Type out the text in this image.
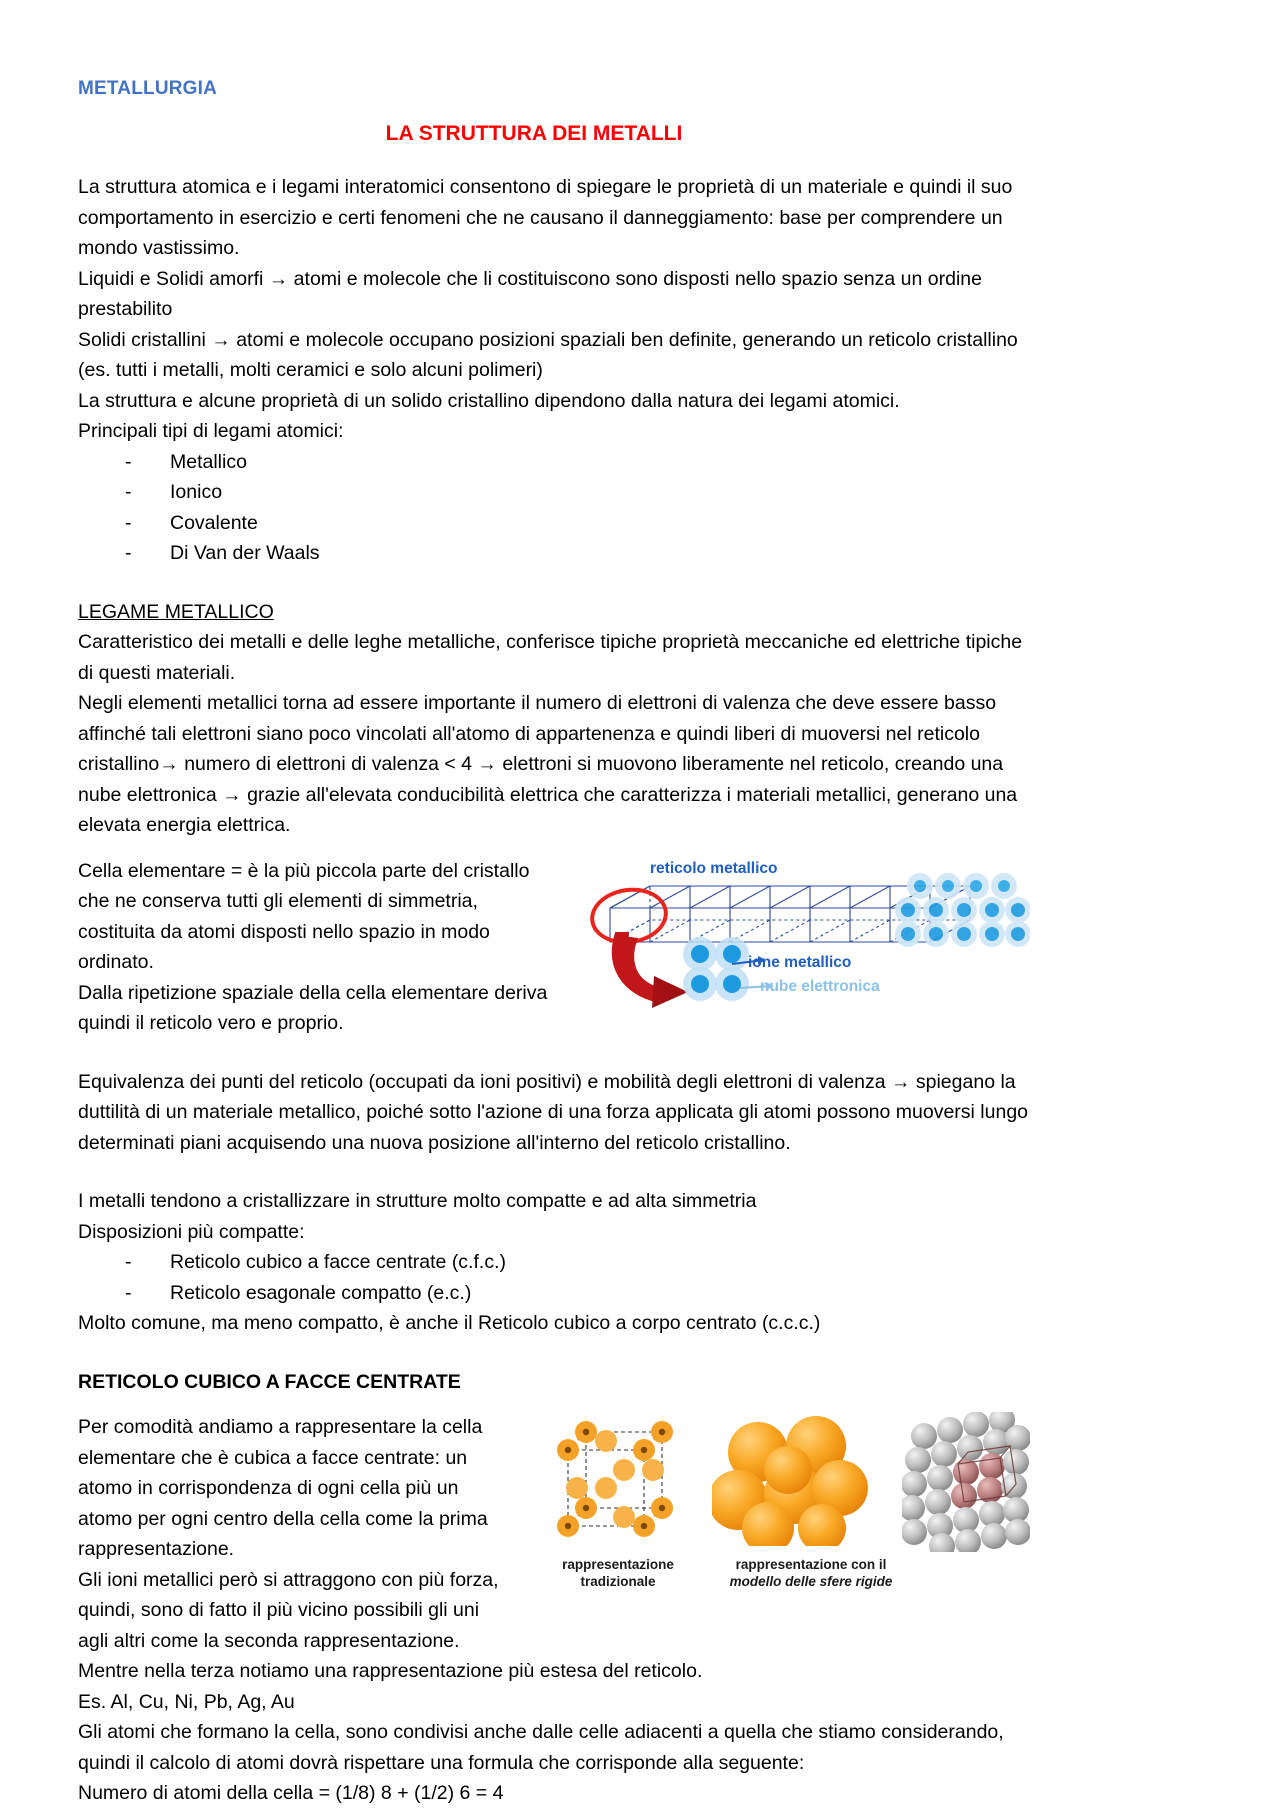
METALLURGIA
LA STRUTTURA DEI METALLI

La struttura atomica e i legami interatomici consentono di spiegare le proprietà di un materiale e quindi il suo comportamento in esercizio e certi fenomeni che ne causano il danneggiamento: base per comprendere un mondo vastissimo.

Liquidi e Solidi amorfi → atomi e molecole che li costituiscono sono disposti nello spazio senza un ordine prestabilito

Solidi cristallini → atomi e molecole occupano posizioni spaziali ben definite, generando un reticolo cristallino (es. tutti i metalli, molti ceramici e solo alcuni polimeri)

La struttura e alcune proprietà di un solido cristallino dipendono dalla natura dei legami atomici.

Principali tipi di legami atomici:

- Metallico
- Ionico
- Covalente
- Di Van der Waals
LEGAME METALLICO

Caratteristico dei metalli e delle leghe metalliche, conferisce tipiche proprietà meccaniche ed elettriche tipiche di questi materiali.

Negli elementi metallici torna ad essere importante il numero di elettroni di valenza che deve essere basso affinché tali elettroni siano poco vincolati all'atomo di appartenenza e quindi liberi di muoversi nel reticolo cristallino→ numero di elettroni di valenza < 4 → elettroni si muovono liberamente nel reticolo, creando una nube elettronica → grazie all'elevata conducibilità elettrica che caratterizza i materiali metallici, generano una elevata energia elettrica.

reticolo metallico
ione metallico
nube elettronica

Cella elementare = è la più piccola parte del cristallo che ne conserva tutti gli elementi di simmetria, costituita da atomi disposti nello spazio in modo ordinato.

Dalla ripetizione spaziale della cella elementare deriva quindi il reticolo vero e proprio.

Equivalenza dei punti del reticolo (occupati da ioni positivi) e mobilità degli elettroni di valenza → spiegano la duttilità di un materiale metallico, poiché sotto l'azione di una forza applicata gli atomi possono muoversi lungo determinati piani acquisendo una nuova posizione all'interno del reticolo cristallino.

I metalli tendono a cristallizzare in strutture molto compatte e ad alta simmetria

Disposizioni più compatte:

- Reticolo cubico a facce centrate (c.f.c.)
- Reticolo esagonale compatto (e.c.)

Molto comune, ma meno compatto, è anche il Reticolo cubico a corpo centrato (c.c.c.)

RETICOLO CUBICO A FACCE CENTRATE
rappresentazione
tradizionale
rappresentazione con il
modello delle sfere rigide

Per comodità andiamo a rappresentare la cella elementare che è cubica a facce centrate: un atomo in corrispondenza di ogni cella più un atomo per ogni centro della cella come la prima rappresentazione.

Gli ioni metallici però si attraggono con più forza, quindi, sono di fatto il più vicino possibili gli uni agli altri come la seconda rappresentazione.

Mentre nella terza notiamo una rappresentazione più estesa del reticolo.

Es. Al, Cu, Ni, Pb, Ag, Au

Gli atomi che formano la cella, sono condivisi anche dalle celle adiacenti a quella che stiamo considerando, quindi il calcolo di atomi dovrà rispettare una formula che corrisponde alla seguente:

Numero di atomi della cella = (1/8) 8 + (1/2) 6 = 4
